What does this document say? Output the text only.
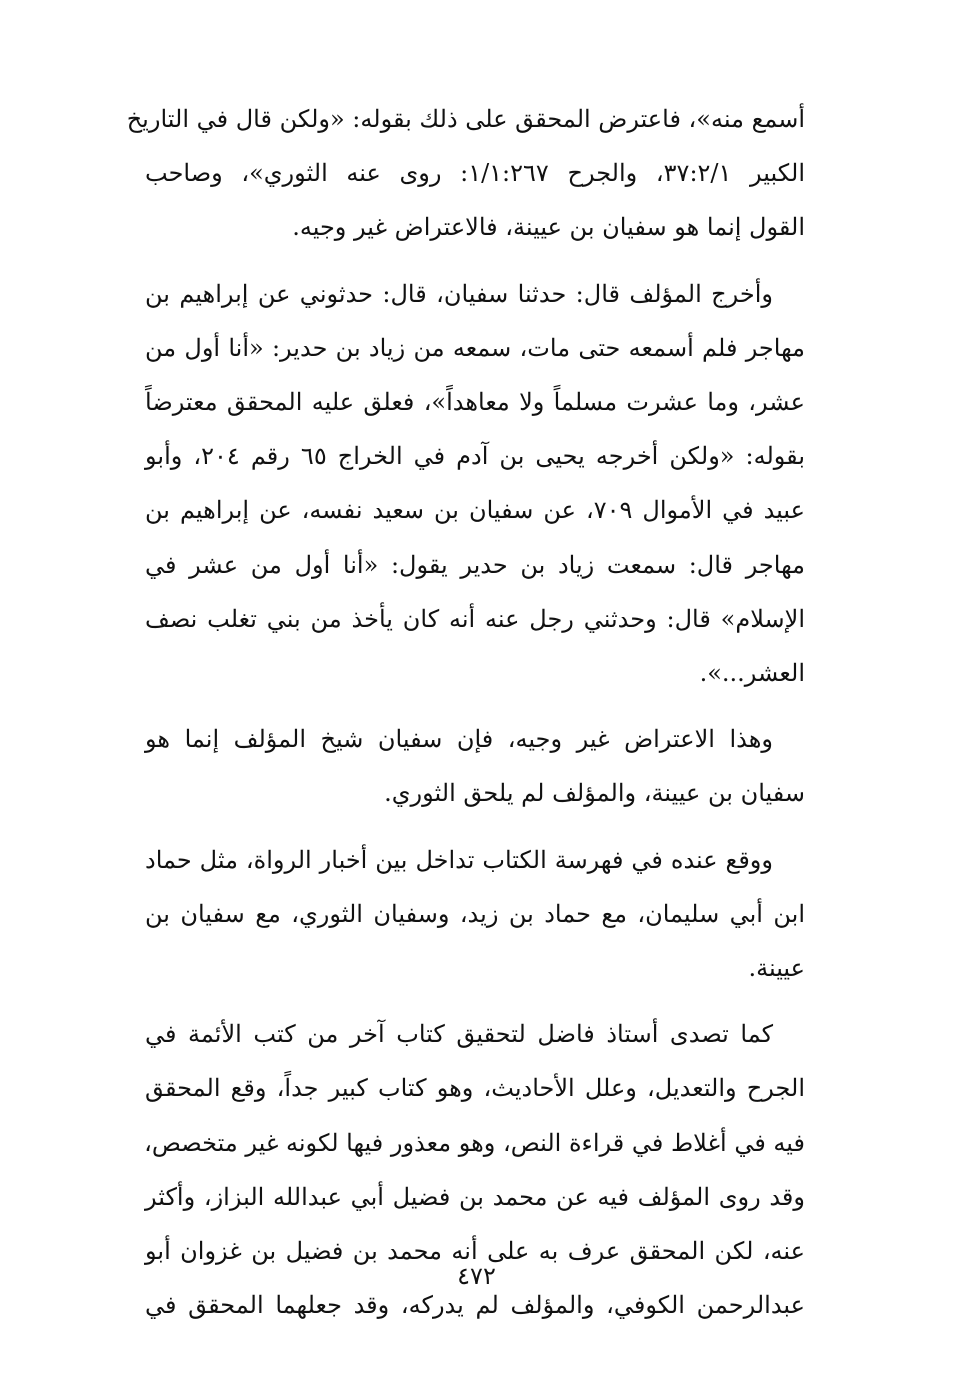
أسمع منه»، فاعترض المحقق على ذلك بقوله: «ولكن قال في التاريخ
الكبير ٣٧:٢/١، والجرح ١/١:٢٦٧: روى عنه الثوري»، وصاحب
القول إنما هو سفيان بن عيينة، فالاعتراض غير وجيه.
وأخرج المؤلف قال: حدثنا سفيان، قال: حدثوني عن إبراهيم بن
مهاجر فلم أسمعه حتى مات، سمعه من زياد بن حدير: «أنا أول من
عشر، وما عشرت مسلماً ولا معاهداً»، فعلق عليه المحقق معترضاً
بقوله: «ولكن أخرجه يحيى بن آدم في الخراج ٦٥ رقم ٢٠٤، وأبو
عبيد في الأموال ٧٠٩، عن سفيان بن سعيد نفسه، عن إبراهيم بن
مهاجر قال: سمعت زياد بن حدير يقول: «أنا أول من عشر في
الإسلام» قال: وحدثني رجل عنه أنه كان يأخذ من بني تغلب نصف
العشر...».
وهذا الاعتراض غير وجيه، فإن سفيان شيخ المؤلف إنما هو
سفيان بن عيينة، والمؤلف لم يلحق الثوري.
ووقع عنده في فهرسة الكتاب تداخل بين أخبار الرواة، مثل حماد
ابن أبي سليمان، مع حماد بن زيد، وسفيان الثوري، مع سفيان بن
عيينة.
كما تصدى أستاذ فاضل لتحقيق كتاب آخر من كتب الأئمة في
الجرح والتعديل، وعلل الأحاديث، وهو كتاب كبير جداً، وقع المحقق
فيه في أغلاط في قراءة النص، وهو معذور فيها لكونه غير متخصص،
وقد روى المؤلف فيه عن محمد بن فضيل أبي عبدالله البزاز، وأكثر
عنه، لكن المحقق عرف به على أنه محمد بن فضيل بن غزوان أبو
عبدالرحمن الكوفي، والمؤلف لم يدركه، وقد جعلهما المحقق في
٤٧٢
